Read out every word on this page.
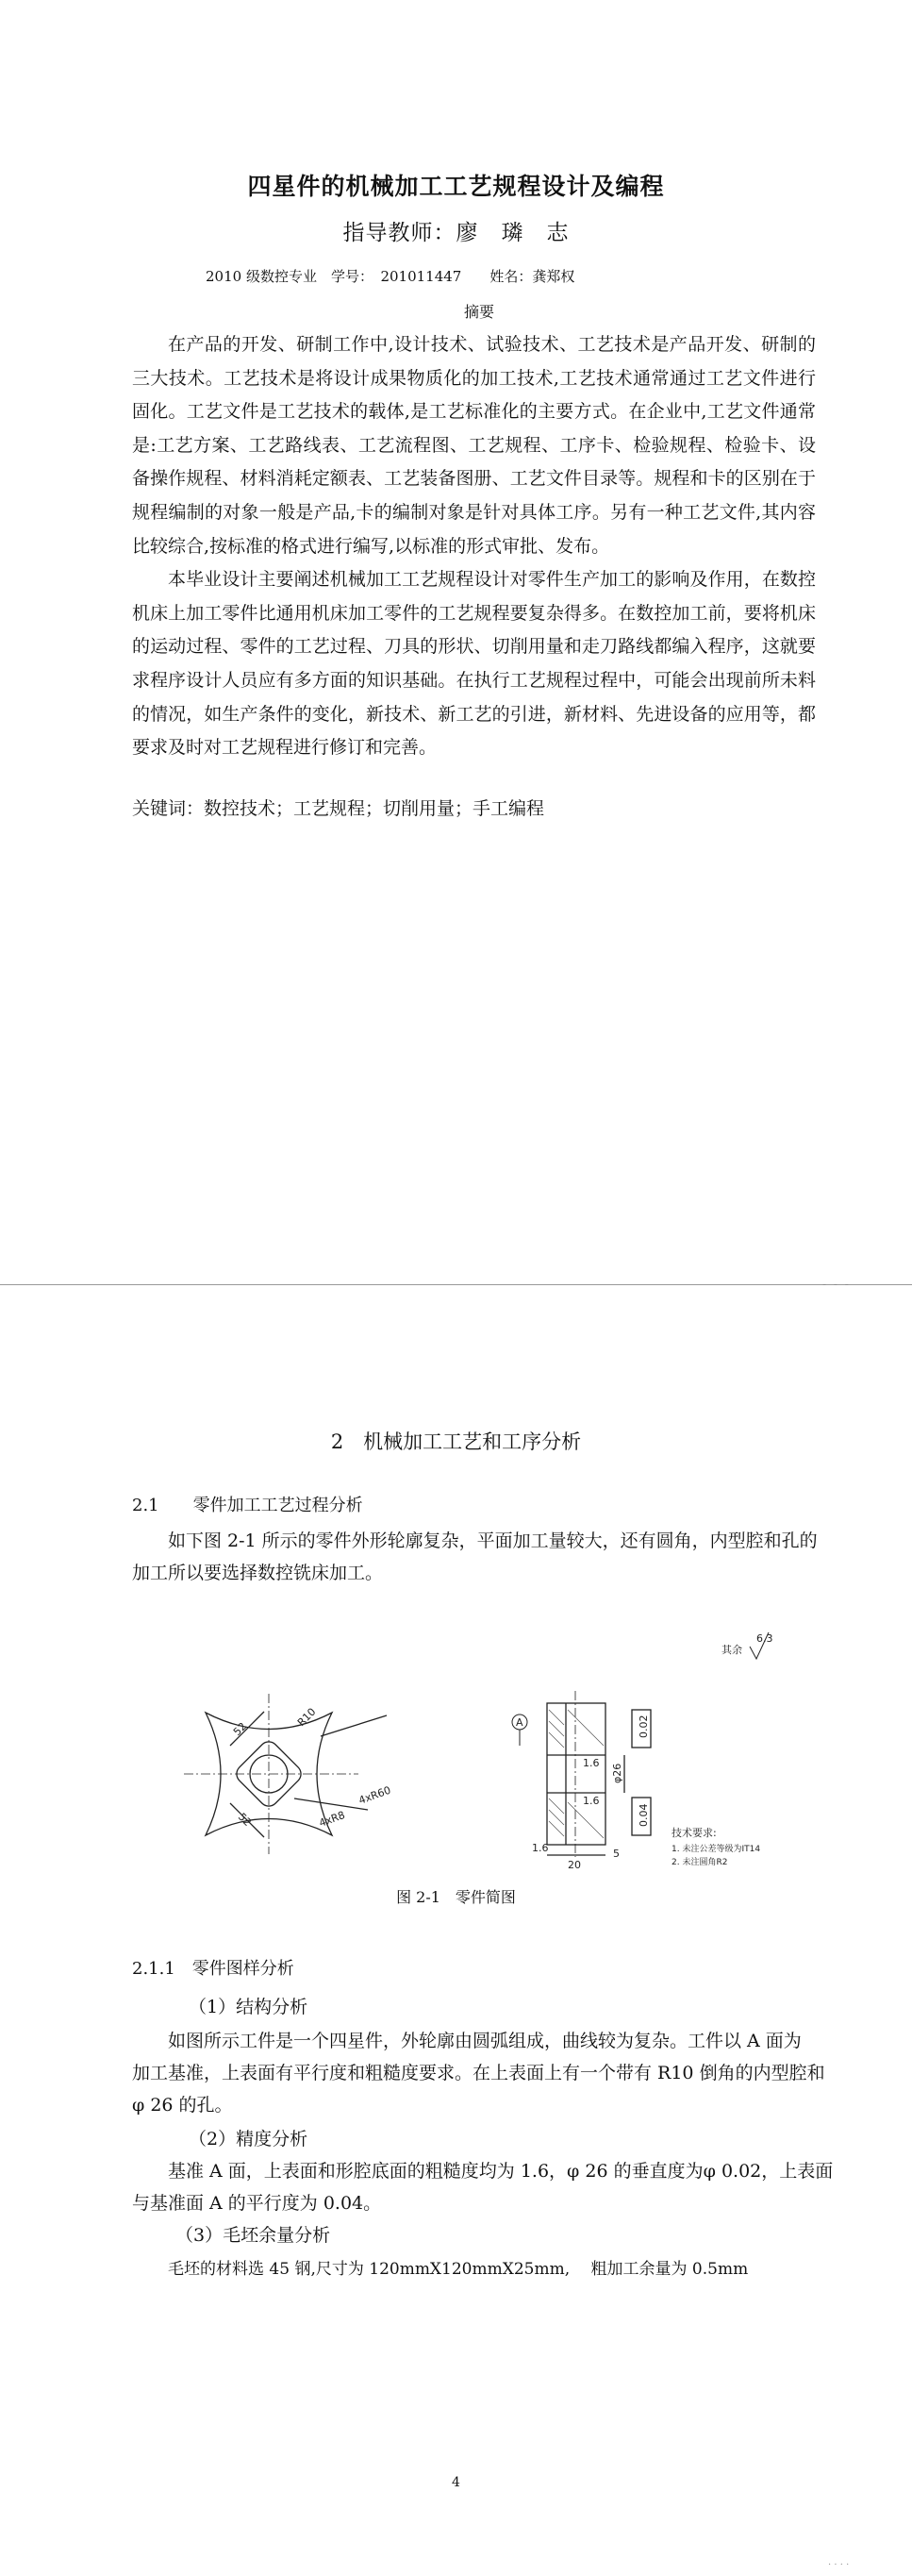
四星件的机械加工工艺规程设计及编程
指导教师：廖　璘　志
2010 级数控专业　学号：　201011447　　姓名：龚郑权
摘要

在产品的开发、研制工作中,设计技术、试验技术、工艺技术是产品开发、研制的三大技术。工艺技术是将设计成果物质化的加工技术,工艺技术通常通过工艺文件进行固化。工艺文件是工艺技术的载体,是工艺标准化的主要方式。在企业中,工艺文件通常是:工艺方案、工艺路线表、工艺流程图、工艺规程、工序卡、检验规程、检验卡、设备操作规程、材料消耗定额表、工艺装备图册、工艺文件目录等。规程和卡的区别在于规程编制的对象一般是产品,卡的编制对象是针对具体工序。另有一种工艺文件,其内容比较综合,按标准的格式进行编写,以标准的形式审批、发布。

本毕业设计主要阐述机械加工工艺规程设计对零件生产加工的影响及作用，在数控机床上加工零件比通用机床加工零件的工艺规程要复杂得多。在数控加工前，要将机床的运动过程、零件的工艺过程、刀具的形状、切削用量和走刀路线都编入程序，这就要求程序设计人员应有多方面的知识基础。在执行工艺规程过程中，可能会出现前所未料的情况，如生产条件的变化，新技术、新工艺的引进，新材料、先进设备的应用等，都要求及时对工艺规程进行修订和完善。

关键词：数控技术；工艺规程；切削用量；手工编程
- - -
2　机械加工工艺和工序分析
2.1　　零件加工工艺过程分析
如下图 2-1 所示的零件外形轮廓复杂，平面加工量较大，还有圆角，内型腔和孔的
加工所以要选择数控铣床加工。
52
R10
4xR60
52	4xR8
φ26
20
5
1.6
1.6
1.6
6.3
其余
0.02
0.04
A
技术要求:
1. 未注公差等级为IT14
2. 未注圆角R2
图 2-1　零件简图
2.1.1　零件图样分析
（1）结构分析
如图所示工件是一个四星件，外轮廓由圆弧组成，曲线较为复杂。工件以 A 面为
加工基准，上表面有平行度和粗糙度要求。在上表面上有一个带有 R10 倒角的内型腔和
φ 26 的孔。
（2）精度分析
基准 A 面，上表面和形腔底面的粗糙度均为 1.6，φ 26 的垂直度为φ 0.02，上表面
与基准面 A 的平行度为 0.04。
（3）毛坯余量分析
毛坯的材料选 45 钢,尺寸为 120mmX120mmX25mm,　 粗加工余量为 0.5mm
4
· · · ·
